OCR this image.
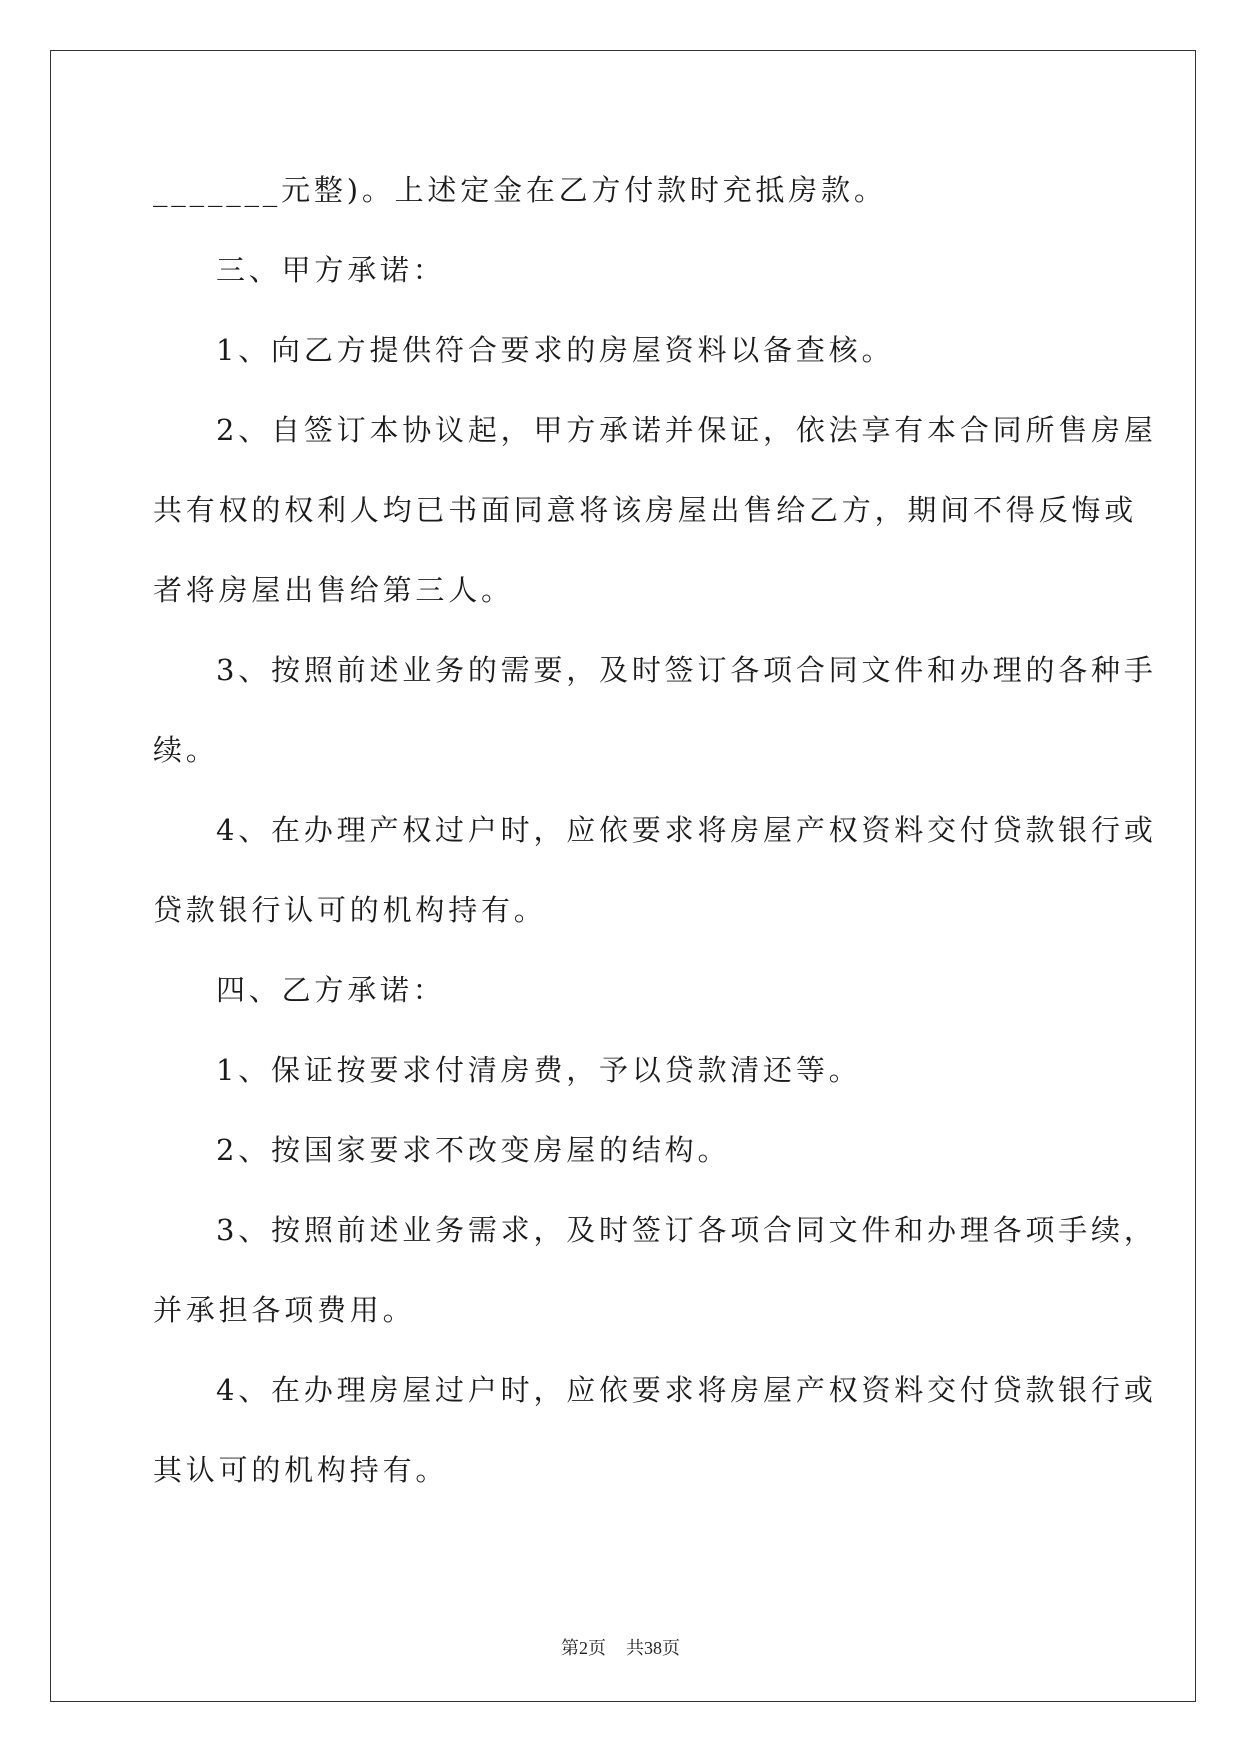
_______元整)。上述定金在乙方付款时充抵房款。
三、甲方承诺：
1、向乙方提供符合要求的房屋资料以备查核。
2、自签订本协议起，甲方承诺并保证，依法享有本合同所售房屋
共有权的权利人均已书面同意将该房屋出售给乙方，期间不得反悔或
者将房屋出售给第三人。
3、按照前述业务的需要，及时签订各项合同文件和办理的各种手
续。
4、在办理产权过户时，应依要求将房屋产权资料交付贷款银行或
贷款银行认可的机构持有。
四、乙方承诺：
1、保证按要求付清房费，予以贷款清还等。
2、按国家要求不改变房屋的结构。
3、按照前述业务需求，及时签订各项合同文件和办理各项手续，
并承担各项费用。
4、在办理房屋过户时，应依要求将房屋产权资料交付贷款银行或
其认可的机构持有。
第2页 共38页
